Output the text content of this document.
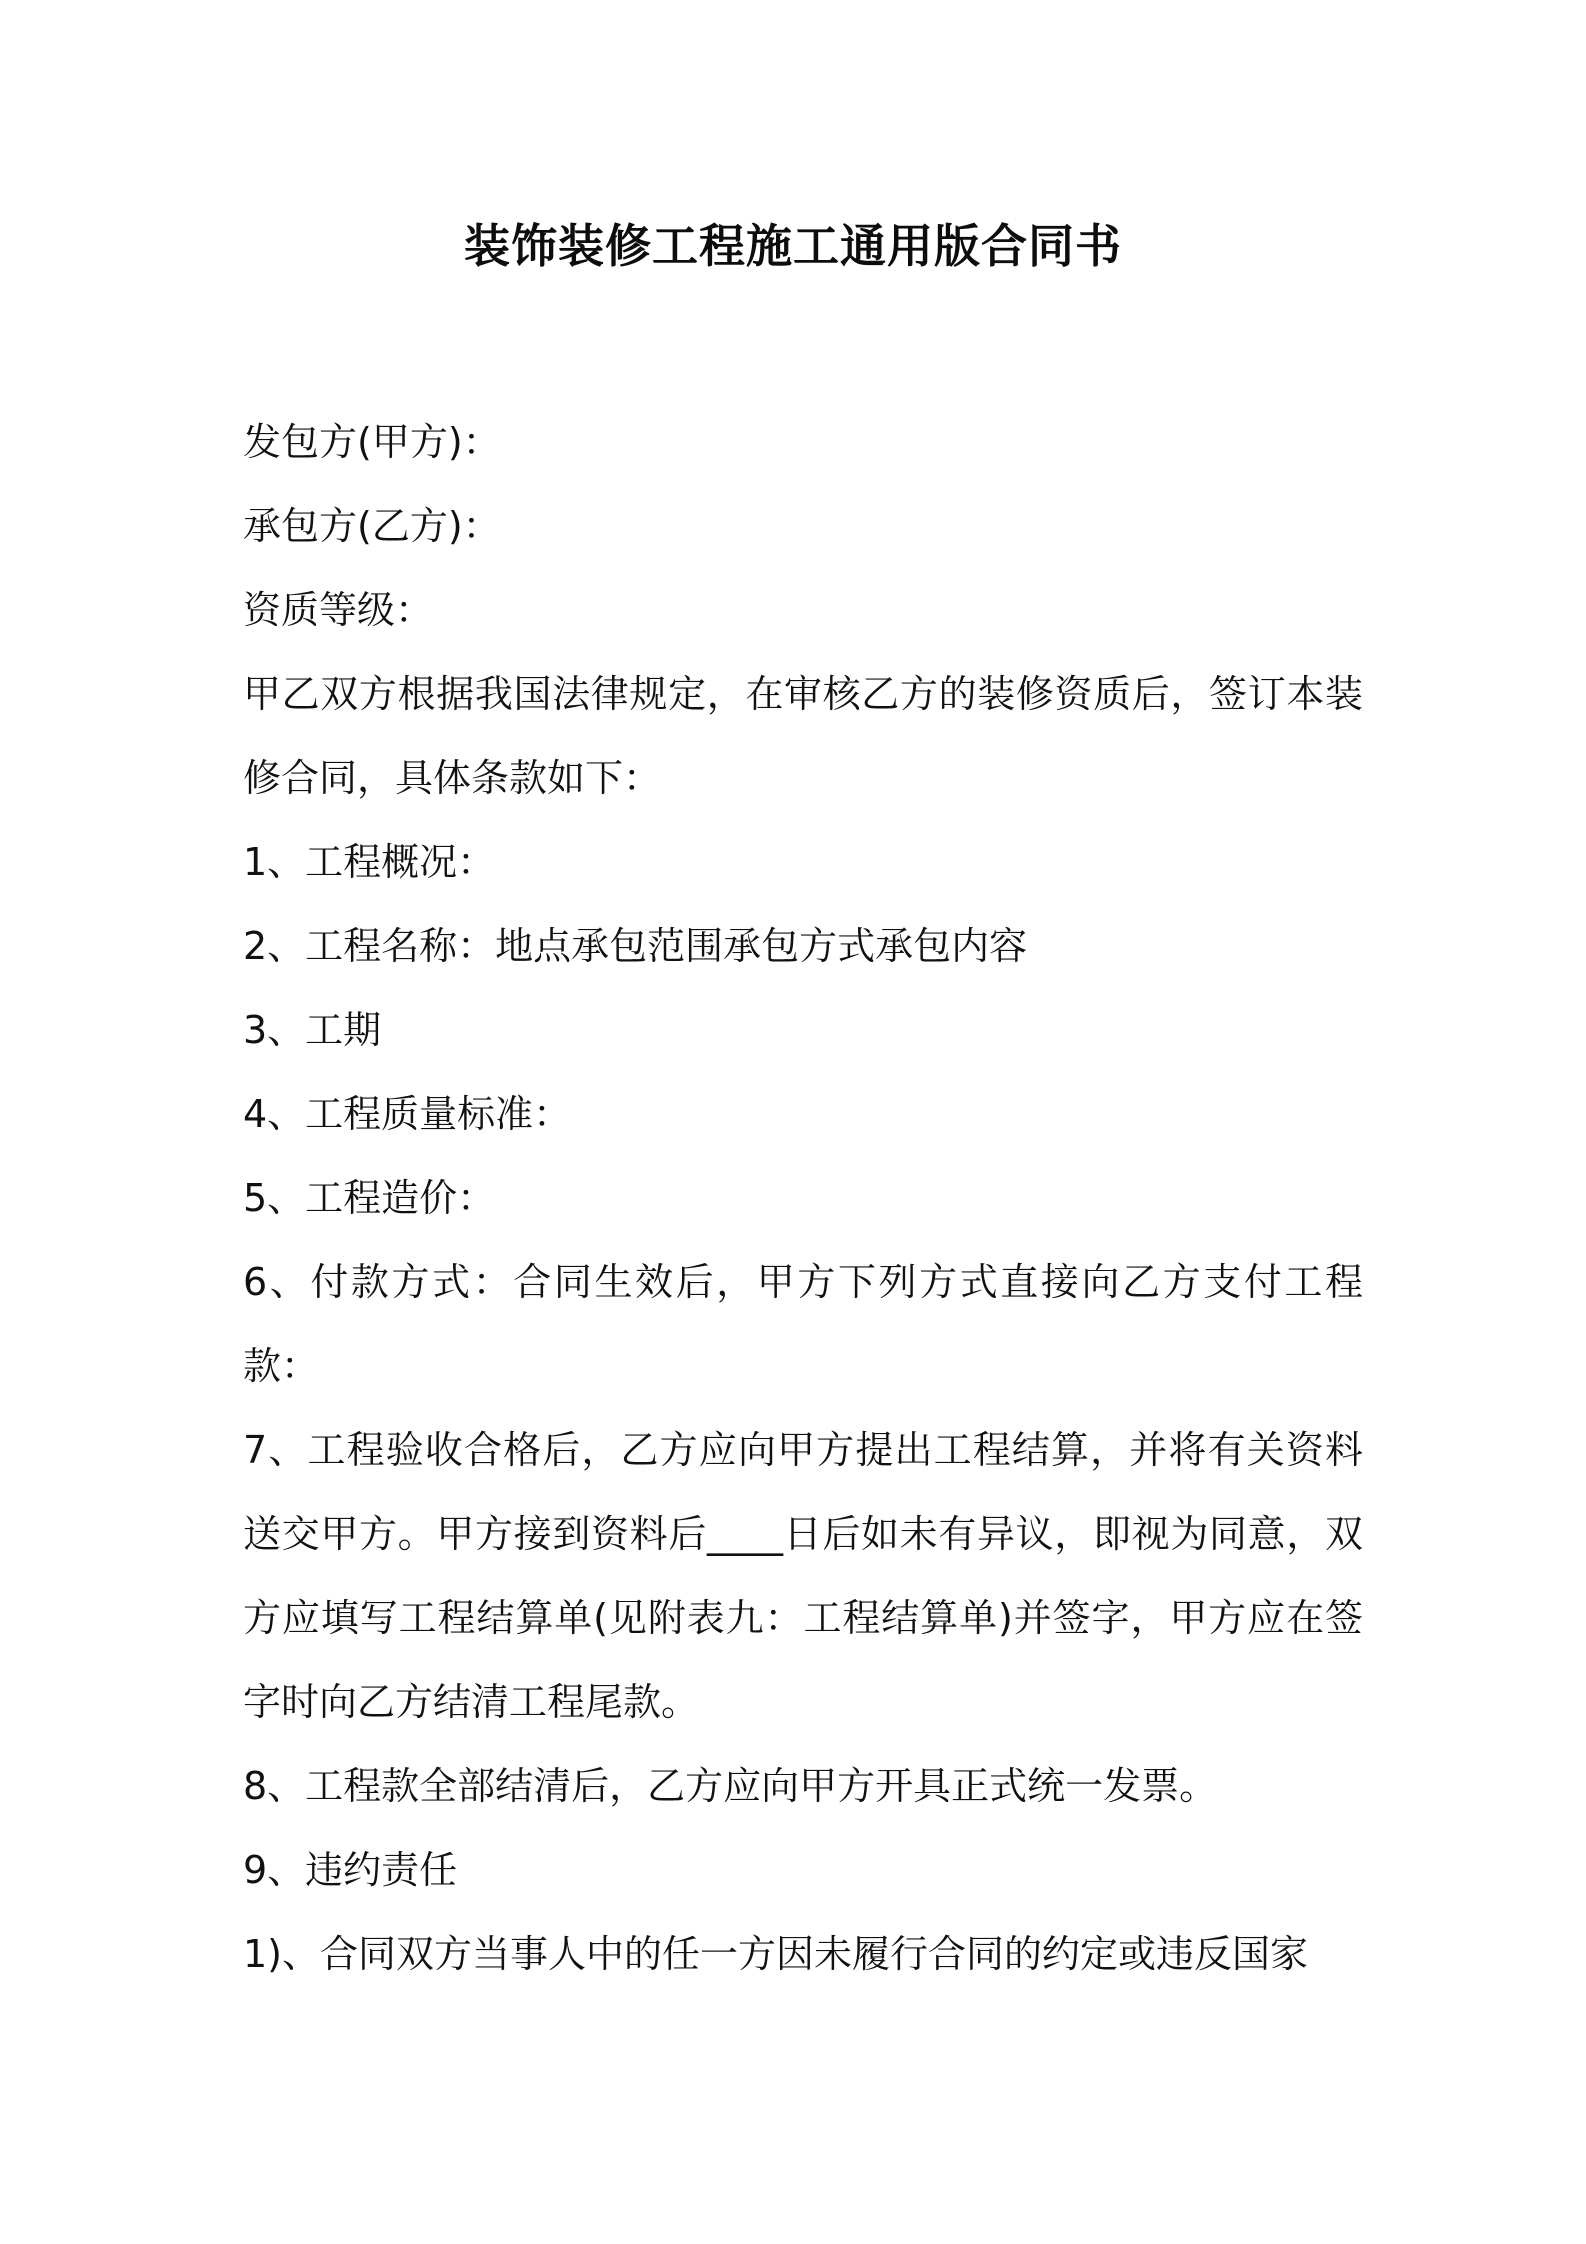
装饰装修工程施工通用版合同书

发包方(甲方)：

承包方(乙方)：

资质等级：

甲乙双方根据我国法律规定，在审核乙方的装修资质后，签订本装修合同，具体条款如下：

1、工程概况：

2、工程名称：地点承包范围承包方式承包内容

3、工期

4、工程质量标准：

5、工程造价：

6、付款方式：合同生效后，甲方下列方式直接向乙方支付工程款：

7、工程验收合格后，乙方应向甲方提出工程结算，并将有关资料送交甲方。甲方接到资料后____日后如未有异议，即视为同意，双方应填写工程结算单(见附表九：工程结算单)并签字，甲方应在签字时向乙方结清工程尾款。

8、工程款全部结清后，乙方应向甲方开具正式统一发票。

9、违约责任

1)、合同双方当事人中的任一方因未履行合同的约定或违反国家
